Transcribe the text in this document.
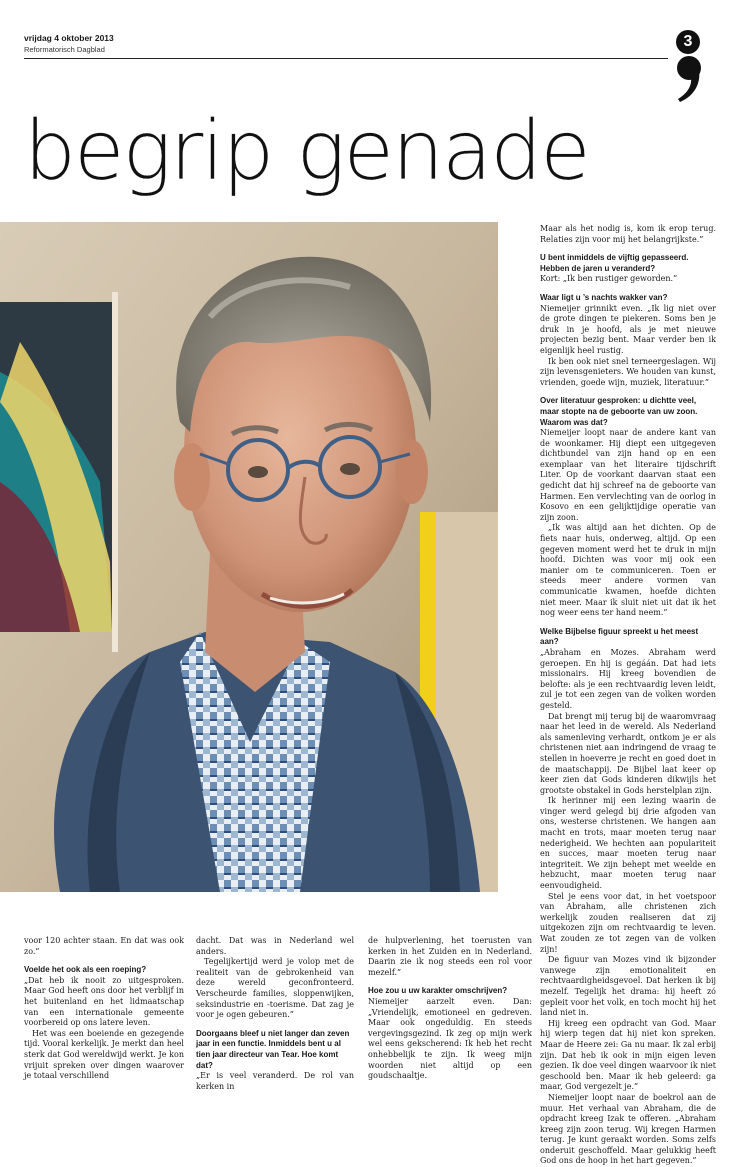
vrijdag 4 oktober 2013
Reformatorisch Dagblad	3
begrip genade

Maar als het nodig is, kom ik erop terug. Relaties zijn voor mij het belangrijkste.”

U bent inmiddels de vijftig gepasseerd. Hebben de jaren u veranderd?

Kort: „Ik ben rustiger geworden.”

Waar ligt u ’s nachts wakker van?

Niemeijer grinnikt even. „Ik lig niet over de grote dingen te piekeren. Soms ben je druk in je hoofd, als je met nieuwe projecten bezig bent. Maar verder ben ik eigenlijk heel rustig.

Ik ben ook niet snel terneergeslagen. Wij zijn levensgenieters. We houden van kunst, vrienden, goede wijn, muziek, literatuur.”

Over literatuur gesproken: u dichtte veel, maar stopte na de geboorte van uw zoon. Waarom was dat?

Niemeijer loopt naar de andere kant van de woonkamer. Hij diept een uitgegeven dichtbundel van zijn hand op en een exemplaar van het literaire tijdschrift Liter. Op de voorkant daarvan staat een gedicht dat hij schreef na de geboorte van Harmen. Een vervlechting van de oorlog in Kosovo en een gelijktijdige operatie van zijn zoon.

„Ik was altijd aan het dichten. Op de fiets naar huis, onderweg, altijd. Op een gegeven moment werd het te druk in mijn hoofd. Dichten was voor mij ook een manier om te communiceren. Toen er steeds meer andere vormen van communicatie kwamen, hoefde dichten niet meer. Maar ik sluit niet uit dat ik het nog weer eens ter hand neem.”

Welke Bijbelse figuur spreekt u het meest aan?

„Abraham en Mozes. Abraham werd geroepen. En hij is gegáán. Dat had iets missionairs. Hij kreeg bovendien de belofte: als je een rechtvaardig leven leidt, zul je tot een zegen van de volken worden gesteld.

Dat brengt mij terug bij de waaromvraag naar het leed in de wereld. Als Nederland als samenleving verhardt, ontkom je er als christenen niet aan indringend de vraag te stellen in hoeverre je recht en goed doet in de maatschappij. De Bijbel laat keer op keer zien dat Gods kinderen dikwijls het grootste obstakel in Gods herstelplan zijn.

Ik herinner mij een lezing waarin de vinger werd gelegd bij drie afgoden van ons, westerse christenen. We hangen aan macht en trots, maar moeten terug naar nederigheid. We hechten aan populariteit en succes, maar moeten terug naar integriteit. We zijn behept met weelde en hebzucht, maar moeten terug naar eenvoudigheid.

Stel je eens voor dat, in het voetspoor van Abraham, alle christenen zich werkelijk zouden realiseren dat zij uitgekozen zijn om rechtvaardig te leven. Wat zouden ze tot zegen van de volken zijn!

De figuur van Mozes vind ik bijzonder vanwege zijn emotionaliteit en rechtvaardigheidsgevoel. Dat herken ik bij mezelf. Tegelijk het drama: hij heeft zó gepleit voor het volk, en toch mocht hij het land niet in.

Hij kreeg een opdracht van God. Maar hij wierp tegen dat hij niet kon spreken. Maar de Heere zei: Ga nu maar. Ik zal erbij zijn. Dat heb ik ook in mijn eigen leven gezien. Ik doe veel dingen waarvoor ik niet geschoold ben. Maar ik heb geleerd: ga maar, God vergezelt je.”

Niemeijer loopt naar de boekrol aan de muur. Het verhaal van Abraham, die de opdracht kreeg Izak te offeren. „Abraham kreeg zijn zoon terug. Wij kregen Harmen terug. Je kunt geraakt worden. Soms zelfs onderuit geschoffeld. Maar gelukkig heeft God ons de hoop in het hart gegeven.”

voor 120 achter staan. En dat was ook zo.”

Voelde het ook als een roeping?

„Dat heb ik nooit zo uitgesproken. Maar God heeft ons door het verblijf in het buitenland en het lidmaatschap van een internationale gemeente voorbereid op ons latere leven.

Het was een boeiende en gezegende tijd. Vooral kerkelijk. Je merkt dan heel sterk dat God wereldwijd werkt. Je kon vrijuit spreken over dingen waarover je totaal verschillend

dacht. Dat was in Nederland wel anders.

Tegelijkertijd werd je volop met de realiteit van de gebrokenheid van deze wereld geconfronteerd. Verscheurde families, sloppenwijken, seksindustrie en -toerisme. Dat zag je voor je ogen gebeuren.”

Doorgaans bleef u niet langer dan zeven jaar in een functie. Inmiddels bent u al tien jaar directeur van Tear. Hoe komt dat?

„Er is veel veranderd. De rol van kerken in

de hulpverlening, het toerusten van kerken in het Zuiden en in Nederland. Daarin zie ik nog steeds een rol voor mezelf.”

Hoe zou u uw karakter omschrijven?

Niemeijer aarzelt even. Dan: „Vriendelijk, emotioneel en gedreven. Maar ook ongeduldig. En steeds vergevingsgezind. Ik zeg op mijn werk wel eens gekscherend: Ik heb het recht onhebbelijk te zijn. Ik weeg mijn woorden niet altijd op een goudschaaltje.
